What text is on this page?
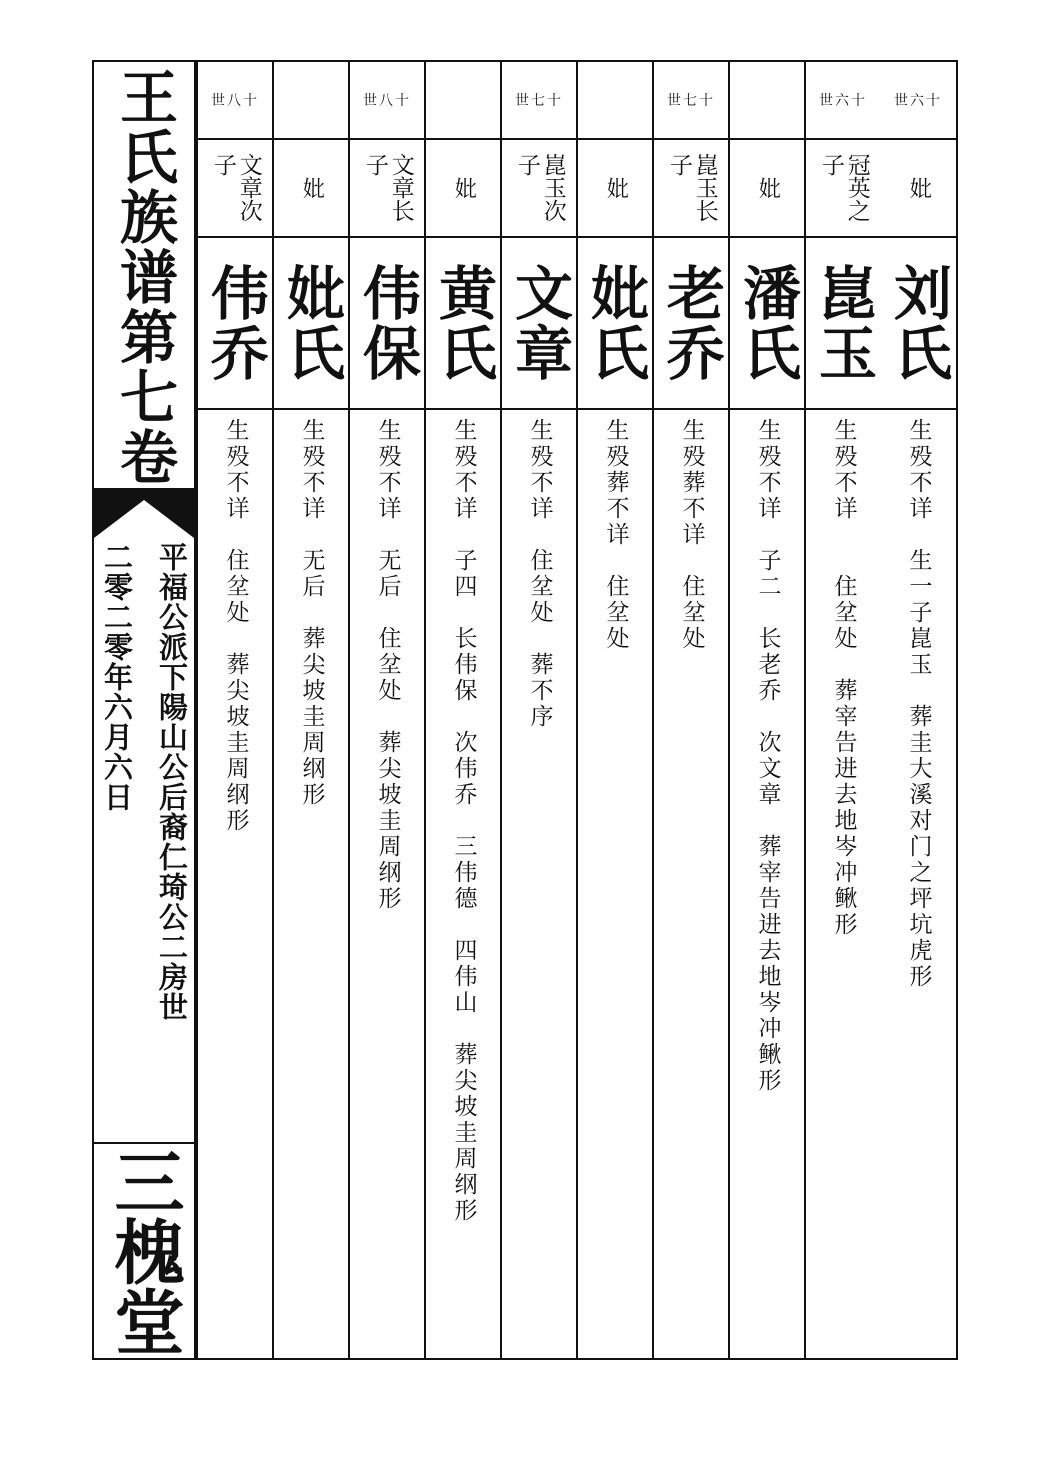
王氏族谱第七卷
平福公派下陽山公后裔仁琦公二房世
二零二零年六月六日
三槐堂
世六十
妣
刘氏
生殁不详　生一子崑玉　葬圭大溪对门之坪坑虎形
世六十
冠英之子
崑玉
生殁不详　　住坌处　葬宰告进去地岑冲鳅形
妣
潘氏
生殁不详　子二　长老乔　次文章　葬宰告进去地岑冲鳅形
世七十
崑玉长子
老乔
生殁葬不详　住坌处
妣
妣氏
生殁葬不详　住坌处
世七十
崑玉次子
文章
生殁不详　住坌处　葬不序
妣
黄氏
生殁不详　子四　长伟保　次伟乔　三伟德　四伟山　葬尖坡圭周纲形
世八十
文章长子
伟保
生殁不详　无后　住坌处　葬尖坡圭周纲形
妣
妣氏
生殁不详　无后　葬尖坡圭周纲形
世八十
文章次子
伟乔
生殁不详　住坌处　葬尖坡圭周纲形
